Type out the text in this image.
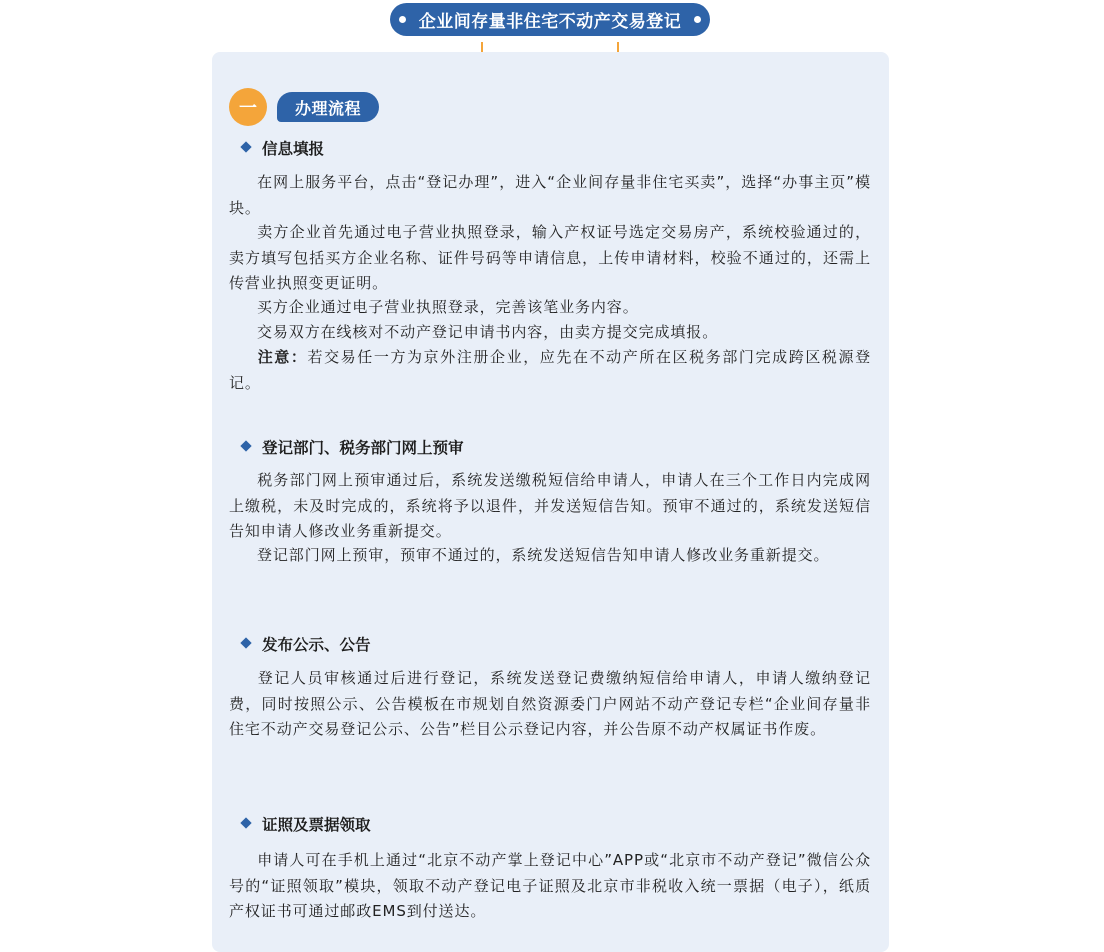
企业间存量非住宅不动产交易登记
一	办理流程
信息填报

在网上服务平台，点击“登记办理”，进入“企业间存量非住宅买卖”，选择“办事主页”模块。

卖方企业首先通过电子营业执照登录，输入产权证号选定交易房产，系统校验通过的，卖方填写包括买方企业名称、证件号码等申请信息，上传申请材料，校验不通过的，还需上传营业执照变更证明。

买方企业通过电子营业执照登录，完善该笔业务内容。

交易双方在线核对不动产登记申请书内容，由卖方提交完成填报。

注意：若交易任一方为京外注册企业，应先在不动产所在区税务部门完成跨区税源登记。

登记部门、税务部门网上预审

税务部门网上预审通过后，系统发送缴税短信给申请人，申请人在三个工作日内完成网上缴税，未及时完成的，系统将予以退件，并发送短信告知。预审不通过的，系统发送短信告知申请人修改业务重新提交。

登记部门网上预审，预审不通过的，系统发送短信告知申请人修改业务重新提交。

发布公示、公告

登记人员审核通过后进行登记，系统发送登记费缴纳短信给申请人，申请人缴纳登记费，同时按照公示、公告模板在市规划自然资源委门户网站不动产登记专栏“企业间存量非住宅不动产交易登记公示、公告”栏目公示登记内容，并公告原不动产权属证书作废。

证照及票据领取

申请人可在手机上通过“北京不动产掌上登记中心”APP或“北京市不动产登记”微信公众号的“证照领取”模块，领取不动产登记电子证照及北京市非税收入统一票据（电子），纸质产权证书可通过邮政EMS到付送达。
